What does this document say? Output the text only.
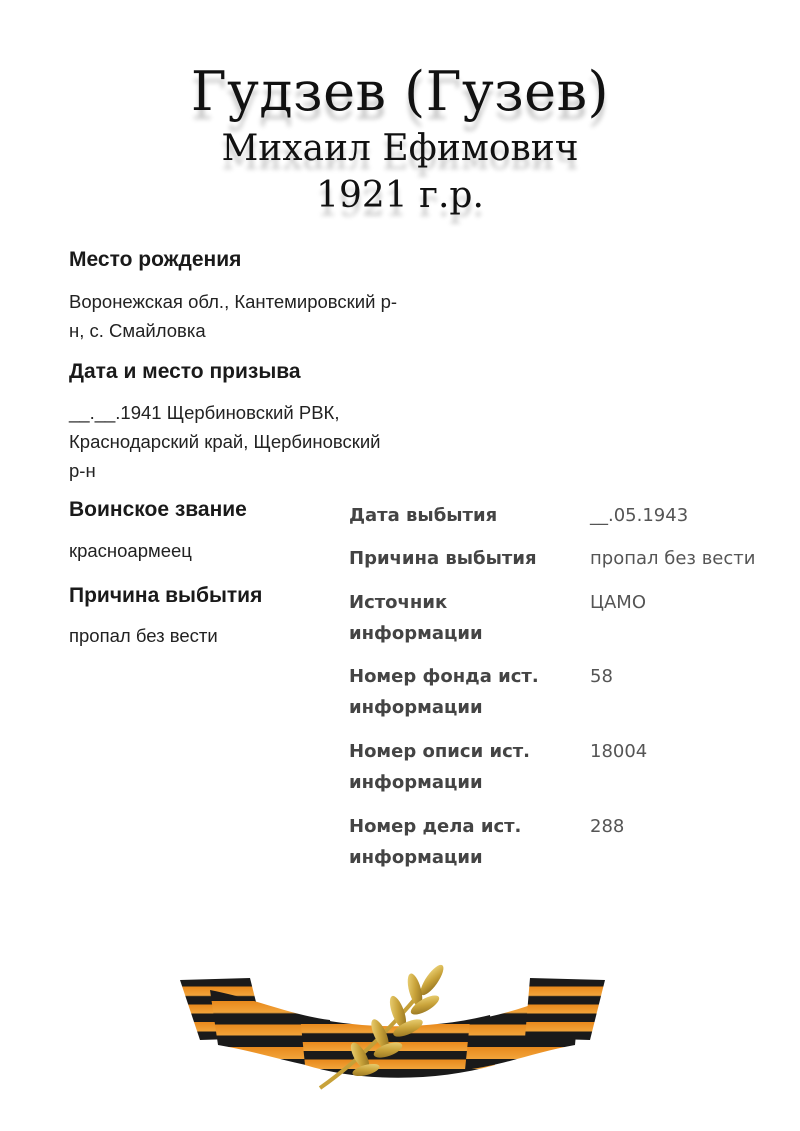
Гудзев (Гузев)
Михаил Ефимович
1921 г.р.
Место рождения
Воронежская обл., Кантемировский р-
н, с. Смайловка
Дата и место призыва
__.__.1941 Щербиновский РВК,
Краснодарский край, Щербиновский
р-н
Воинское звание
красноармеец
Причина выбытия
пропал без вести
Дата выбытия	__.05.1943
Причина выбытия	пропал без вести
Источник
информации
ЦАМО
Номер фонда ист.
информации
58
Номер описи ист.
информации
18004
Номер дела ист.
информации
288
